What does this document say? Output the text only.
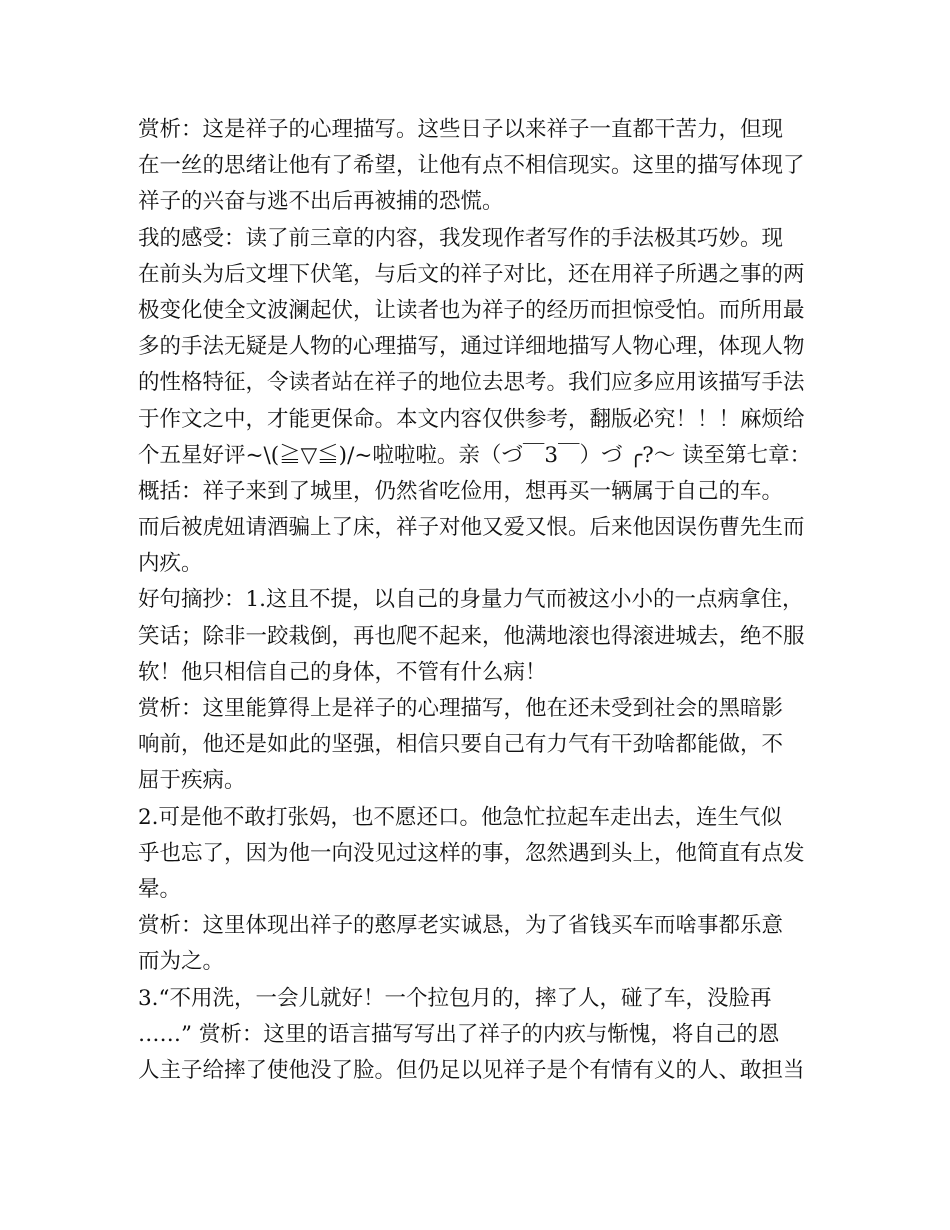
赏析：这是祥子的心理描写。这些日子以来祥子一直都干苦力，但现
在一丝的思绪让他有了希望，让他有点不相信现实。这里的描写体现了
祥子的兴奋与逃不出后再被捕的恐慌。
我的感受：读了前三章的内容，我发现作者写作的手法极其巧妙。现
在前头为后文埋下伏笔，与后文的祥子对比，还在用祥子所遇之事的两
极变化使全文波澜起伏，让读者也为祥子的经历而担惊受怕。而所用最
多的手法无疑是人物的心理描写，通过详细地描写人物心理，体现人物
的性格特征，令读者站在祥子的地位去思考。我们应多应用该描写手法
于作文之中，才能更保命。本文内容仅供参考，翻版必究！！！麻烦给
个五星好评~\(≧▽≦)/~啦啦啦。亲（づ￣3￣）づ ╭?～ 读至第七章：
概括：祥子来到了城里，仍然省吃俭用，想再买一辆属于自己的车。
而后被虎妞请酒骗上了床，祥子对他又爱又恨。后来他因误伤曹先生而
内疚。
好句摘抄：1.这且不提，以自己的身量力气而被这小小的一点病拿住，
笑话；除非一跤栽倒，再也爬不起来，他满地滚也得滚进城去，绝不服
软！他只相信自己的身体，不管有什么病！
赏析：这里能算得上是祥子的心理描写，他在还未受到社会的黑暗影
响前，他还是如此的坚强，相信只要自己有力气有干劲啥都能做，不
屈于疾病。
2.可是他不敢打张妈，也不愿还口。他急忙拉起车走出去，连生气似
乎也忘了，因为他一向没见过这样的事，忽然遇到头上，他简直有点发
晕。
赏析：这里体现出祥子的憨厚老实诚恳，为了省钱买车而啥事都乐意
而为之。
3.“不用洗，一会儿就好！一个拉包月的，摔了人，碰了车，没脸再
……” 赏析：这里的语言描写写出了祥子的内疚与惭愧，将自己的恩
人主子给摔了使他没了脸。但仍足以见祥子是个有情有义的人、敢担当
